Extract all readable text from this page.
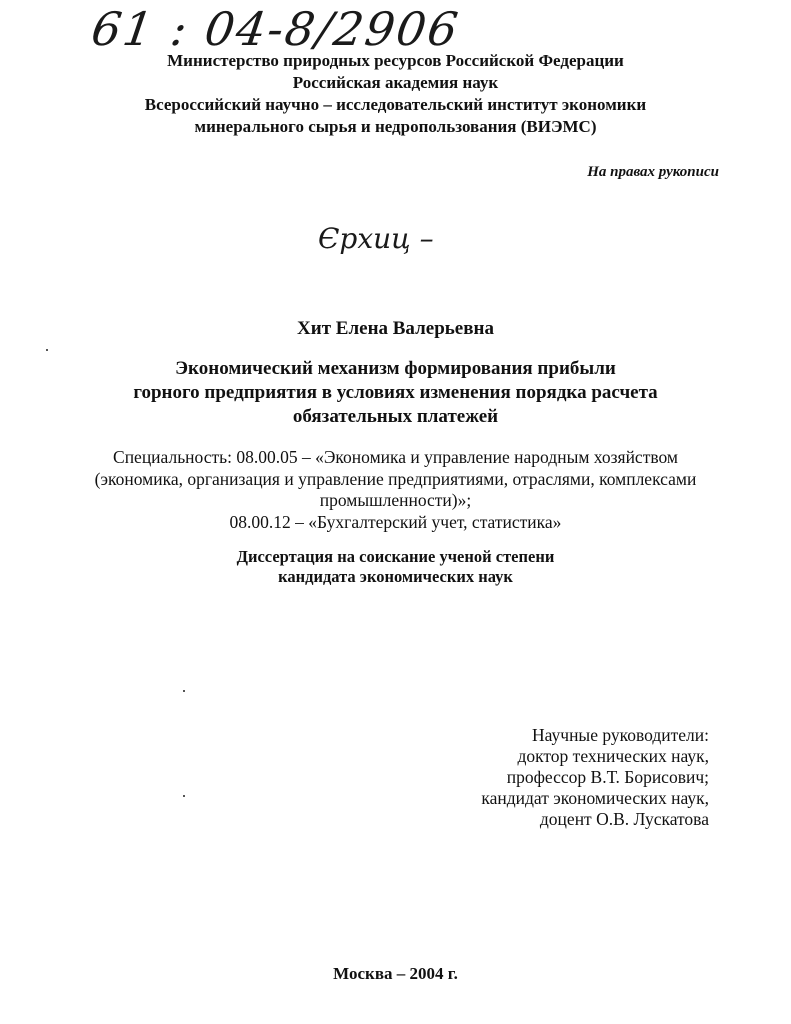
61 : 04-8/2906
Министерство природных ресурсов Российской Федерации
Российская академия наук
Всероссийский научно – исследовательский институт экономики
минерального сырья и недропользования (ВИЭМС)
На правах рукописи
Єрхиц –
Хит Елена Валерьевна
Экономический механизм формирования прибыли
горного предприятия в условиях изменения порядка расчета
обязательных платежей
Специальность: 08.00.05 – «Экономика и управление народным хозяйством
(экономика, организация и управление предприятиями, отраслями, комплексами
промышленности)»;
08.00.12 – «Бухгалтерский учет, статистика»
Диссертация на соискание ученой степени
кандидата экономических наук
Научные руководители:
доктор технических наук,
профессор В.Т. Борисович;
кандидат экономических наук,
доцент О.В. Лускатова
Москва – 2004 г.
